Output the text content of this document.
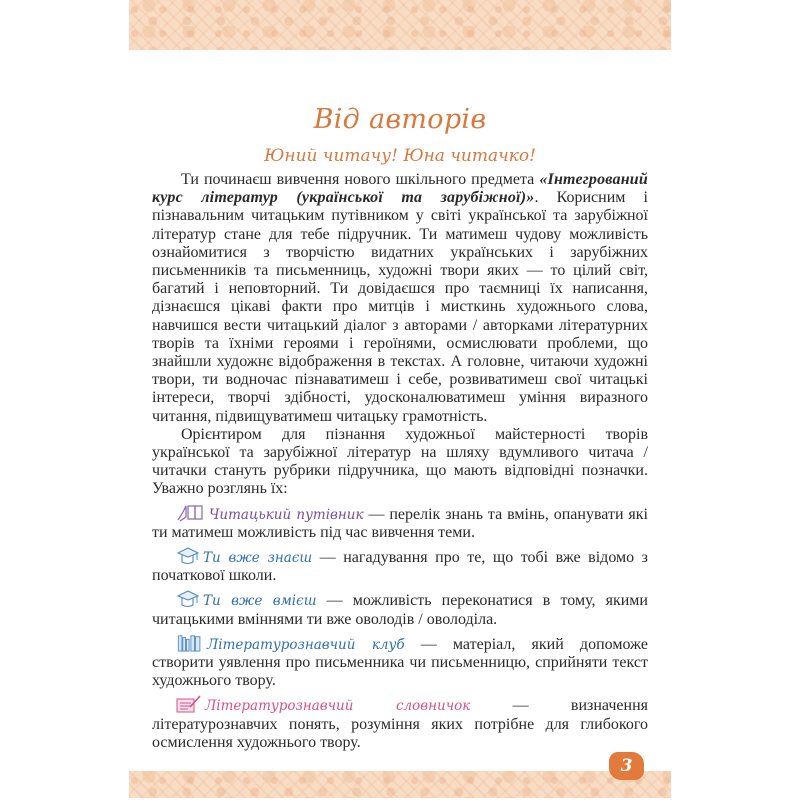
Від авторів
Юний читачу! Юна читачко!

Ти починаєш вивчення нового шкільного предмета «Інтегрований курс літератур (української та зарубіжної)». Корисним і пізнавальним читацьким путівником у світі української та зарубіжної літератур стане для тебе підручник. Ти матимеш чудову можливість ознайомитися з творчістю видатних українських і зарубіжних письменників та письменниць, художні твори яких — то цілий світ, багатий і неповторний. Ти довідаєшся про таємниці їх написання, дізнаєшся цікаві факти про митців і мисткинь художнього слова, навчишся вести читацький діалог з авторами / авторками літературних творів та їхніми героями і героїнями, осмислювати проблеми, що знайшли художнє відображення в текстах. А головне, читаючи художні твори, ти водночас пізнаватимеш і себе, розвиватимеш свої читацькі інтереси, творчі здібності, удосконалюватимеш уміння виразного читання, підвищуватимеш читацьку грамотність.

Орієнтиром для пізнання художньої майстерності творів української та зарубіжної літератур на шляху вдумливого читача / читачки стануть рубрики підручника, що мають відповідні позначки. Уважно розглянь їх:

Читацький путівник — перелік знань та вмінь, опанувати які ти матимеш можливість під час вивчення теми.

Ти вже знаєш — нагадування про те, що тобі вже відомо з початкової школи.

Ти вже вмієш — можливість переконатися в тому, якими читацькими вміннями ти вже оволодів / оволоділа.

Літературознавчий клуб — матеріал, який допоможе створити уявлення про письменника чи письменницю, сприйняти текст художнього твору.

Літературознавчий словничок — визначення літературознавчих понять, розуміння яких потрібне для глибокого осмислення художнього твору.

3
